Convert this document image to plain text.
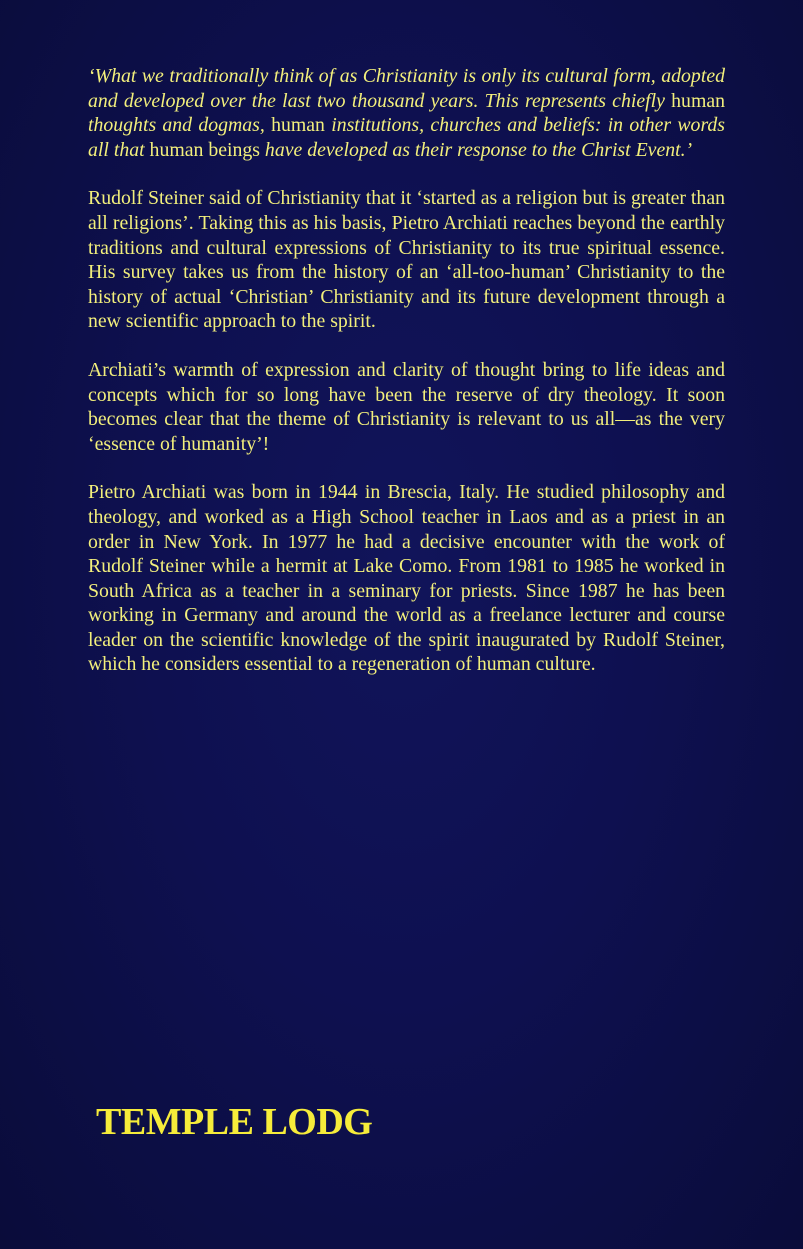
‘What we traditionally think of as Christianity is only its cultural form, adopted and developed over the last two thousand years. This represents chiefly human thoughts and dogmas, human institutions, churches and beliefs: in other words all that human beings have developed as their response to the Christ Event.’

Rudolf Steiner said of Christianity that it ‘started as a religion but is greater than all religions’. Taking this as his basis, Pietro Archiati reaches beyond the earthly traditions and cultural expressions of Christianity to its true spiritual essence. His survey takes us from the history of an ‘all-too-human’ Christianity to the history of actual ‘Christian’ Christianity and its future development through a new scientific approach to the spirit.

Archiati’s warmth of expression and clarity of thought bring to life ideas and concepts which for so long have been the reserve of dry theology. It soon becomes clear that the theme of Christianity is relevant to us all—as the very ‘essence of humanity’!

Pietro Archiati was born in 1944 in Brescia, Italy. He studied philosophy and theology, and worked as a High School teacher in Laos and as a priest in an order in New York. In 1977 he had a decisive encounter with the work of Rudolf Steiner while a hermit at Lake Como. From 1981 to 1985 he worked in South Africa as a teacher in a seminary for priests. Since 1987 he has been working in Germany and around the world as a freelance lecturer and course leader on the scientific knowledge of the spirit inaugurated by Rudolf Steiner, which he considers essential to a regeneration of human culture.

TEMPLE LODG
